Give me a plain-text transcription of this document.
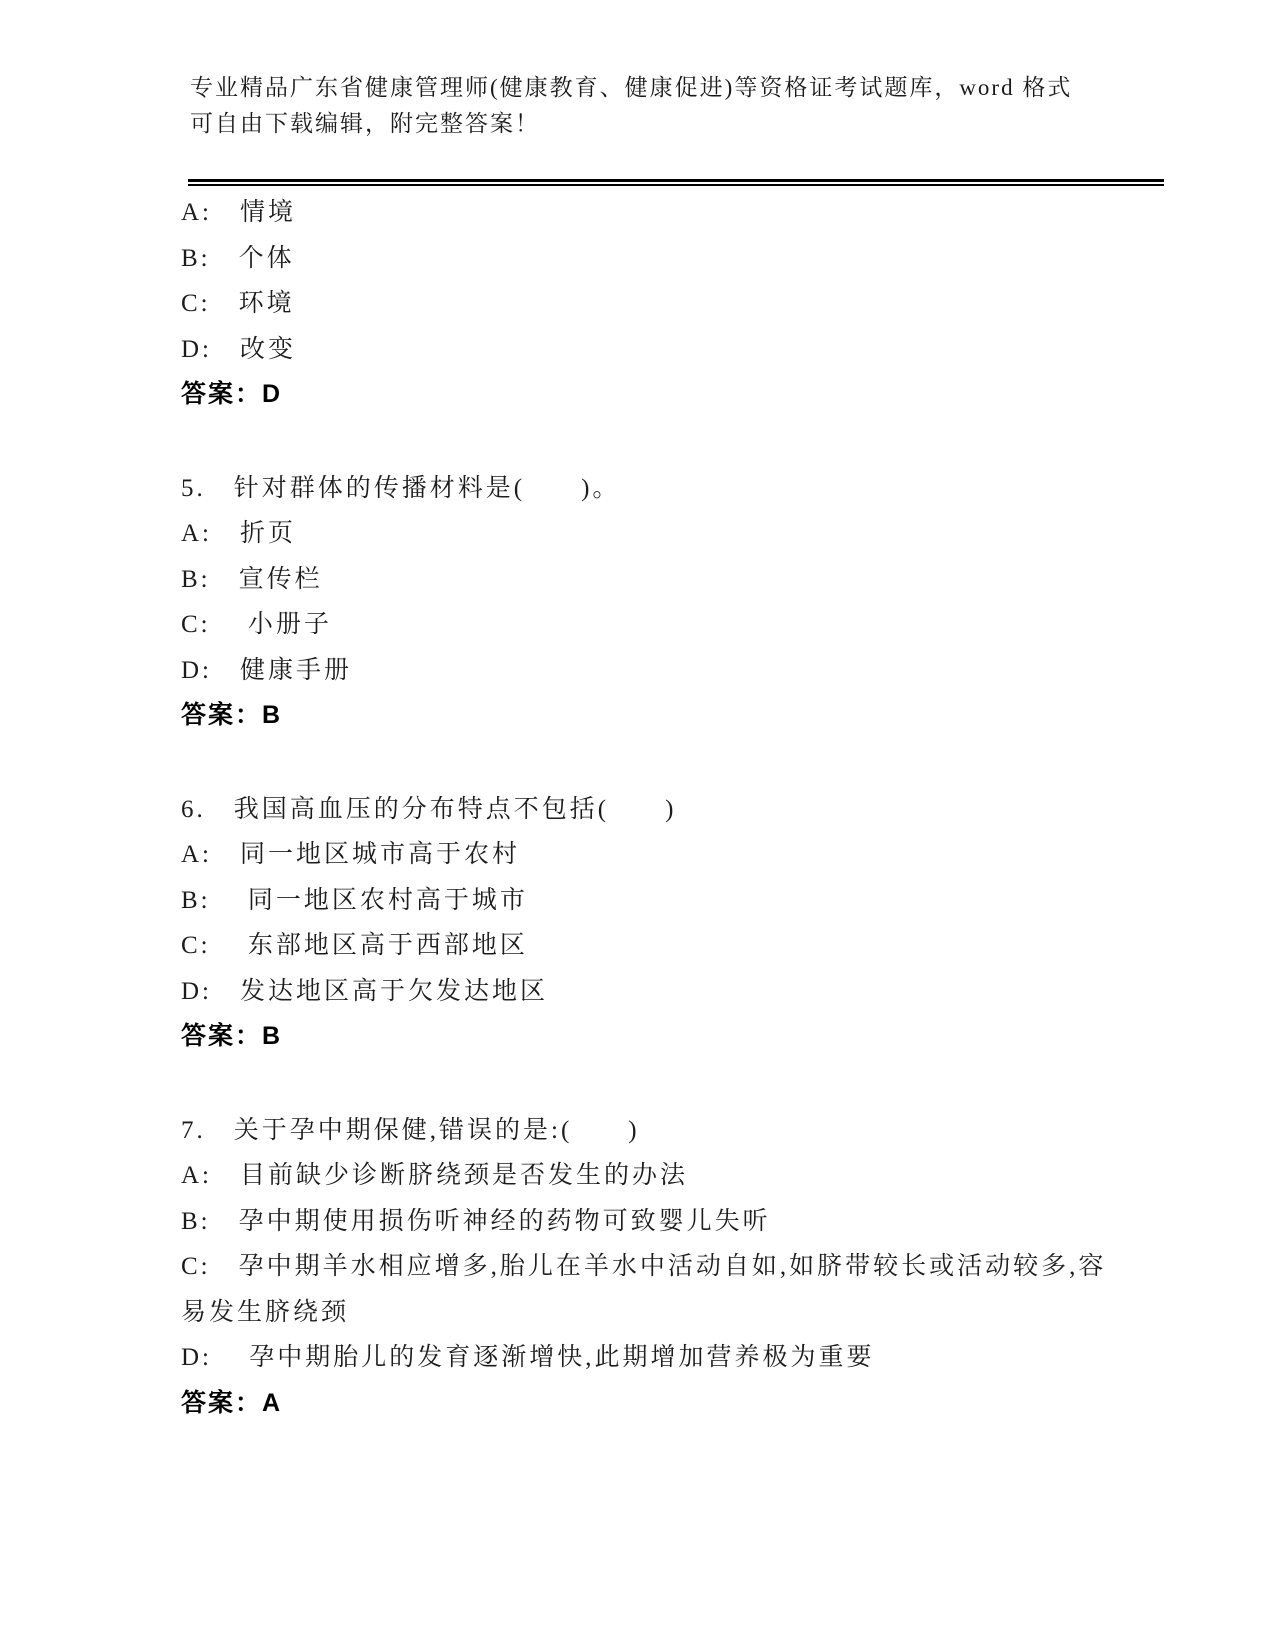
专业精品广东省健康管理师(健康教育、健康促进)等资格证考试题库，word 格式

可自由下载编辑，附完整答案！

A:　情境

B:　个体

C:　环境

D:　改变

答案：D

5.　针对群体的传播材料是(　　)。

A:　折页

B:　宣传栏

C:　 小册子

D:　健康手册

答案：B

6.　我国高血压的分布特点不包括(　　)

A:　同一地区城市高于农村

B:　 同一地区农村高于城市

C:　 东部地区高于西部地区

D:　发达地区高于欠发达地区

答案：B

7.　关于孕中期保健,错误的是:(　　)

A:　目前缺少诊断脐绕颈是否发生的办法

B:　孕中期使用损伤听神经的药物可致婴儿失听

C:　孕中期羊水相应增多,胎儿在羊水中活动自如,如脐带较长或活动较多,容易发生脐绕颈

D:　 孕中期胎儿的发育逐渐增快,此期增加营养极为重要

答案：A
